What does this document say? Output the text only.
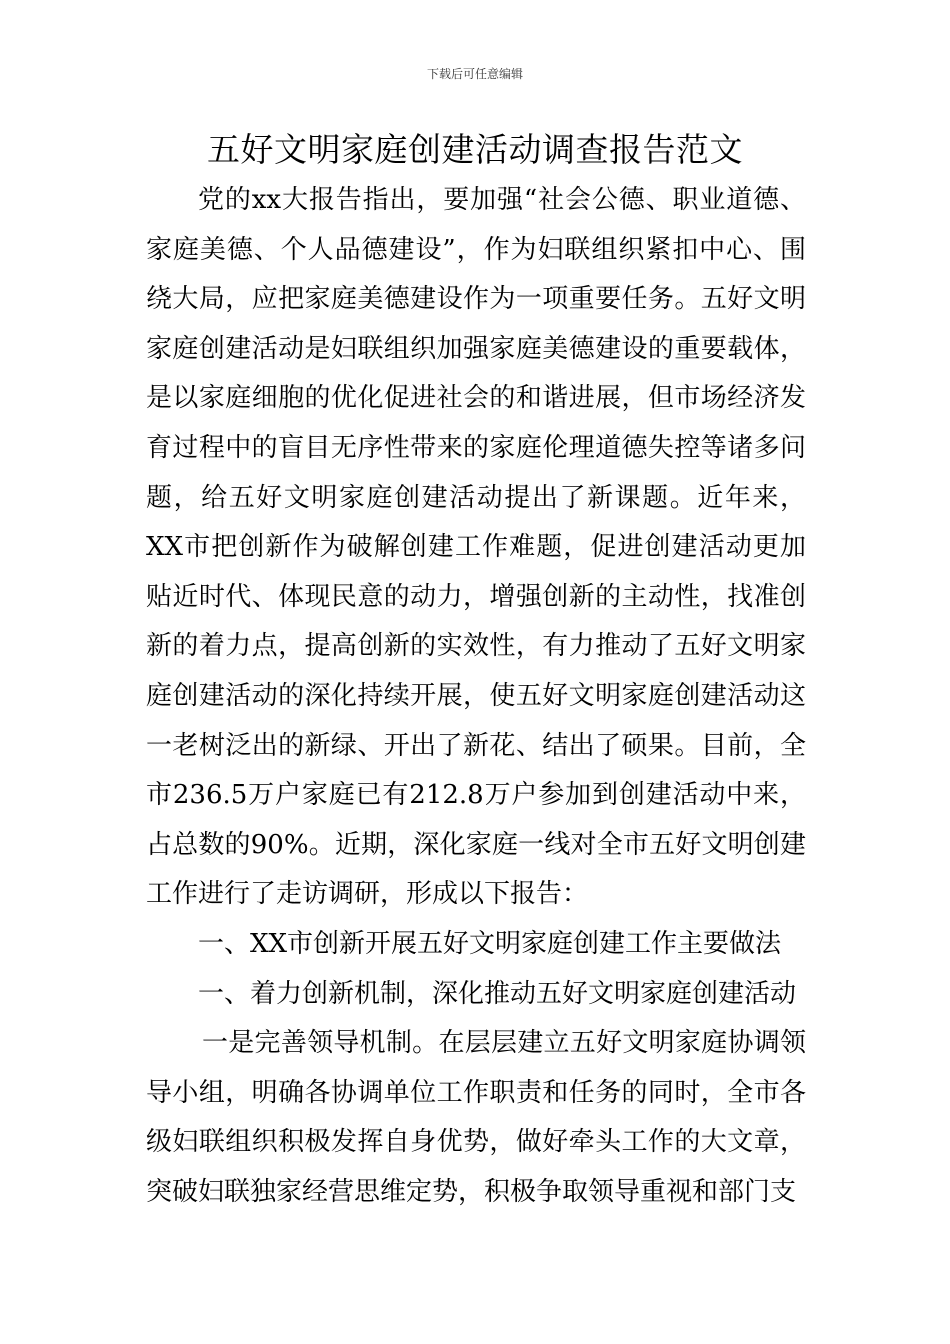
下载后可任意编辑
五好文明家庭创建活动调查报告范文

党的xx大报告指出，要加强“社会公德、职业道德、家庭美德、个人品德建设”，作为妇联组织紧扣中心、围绕大局，应把家庭美德建设作为一项重要任务。五好文明家庭创建活动是妇联组织加强家庭美德建设的重要载体，是以家庭细胞的优化促进社会的和谐进展，但市场经济发育过程中的盲目无序性带来的家庭伦理道德失控等诸多问题，给五好文明家庭创建活动提出了新课题。近年来，XX市把创新作为破解创建工作难题，促进创建活动更加贴近时代、体现民意的动力，增强创新的主动性，找准创新的着力点，提高创新的实效性，有力推动了五好文明家庭创建活动的深化持续开展，使五好文明家庭创建活动这一老树泛出的新绿、开出了新花、结出了硕果。目前，全市236.5万户家庭已有212.8万户参加到创建活动中来，占总数的90%。近期，深化家庭一线对全市五好文明创建工作进行了走访调研，形成以下报告：

一、XX市创新开展五好文明家庭创建工作主要做法

一、着力创新机制，深化推动五好文明家庭创建活动

一是完善领导机制。在层层建立五好文明家庭协调领导小组，明确各协调单位工作职责和任务的同时，全市各级妇联组织积极发挥自身优势，做好牵头工作的大文章，突破妇联独家经营思维定势，积极争取领导重视和部门支
